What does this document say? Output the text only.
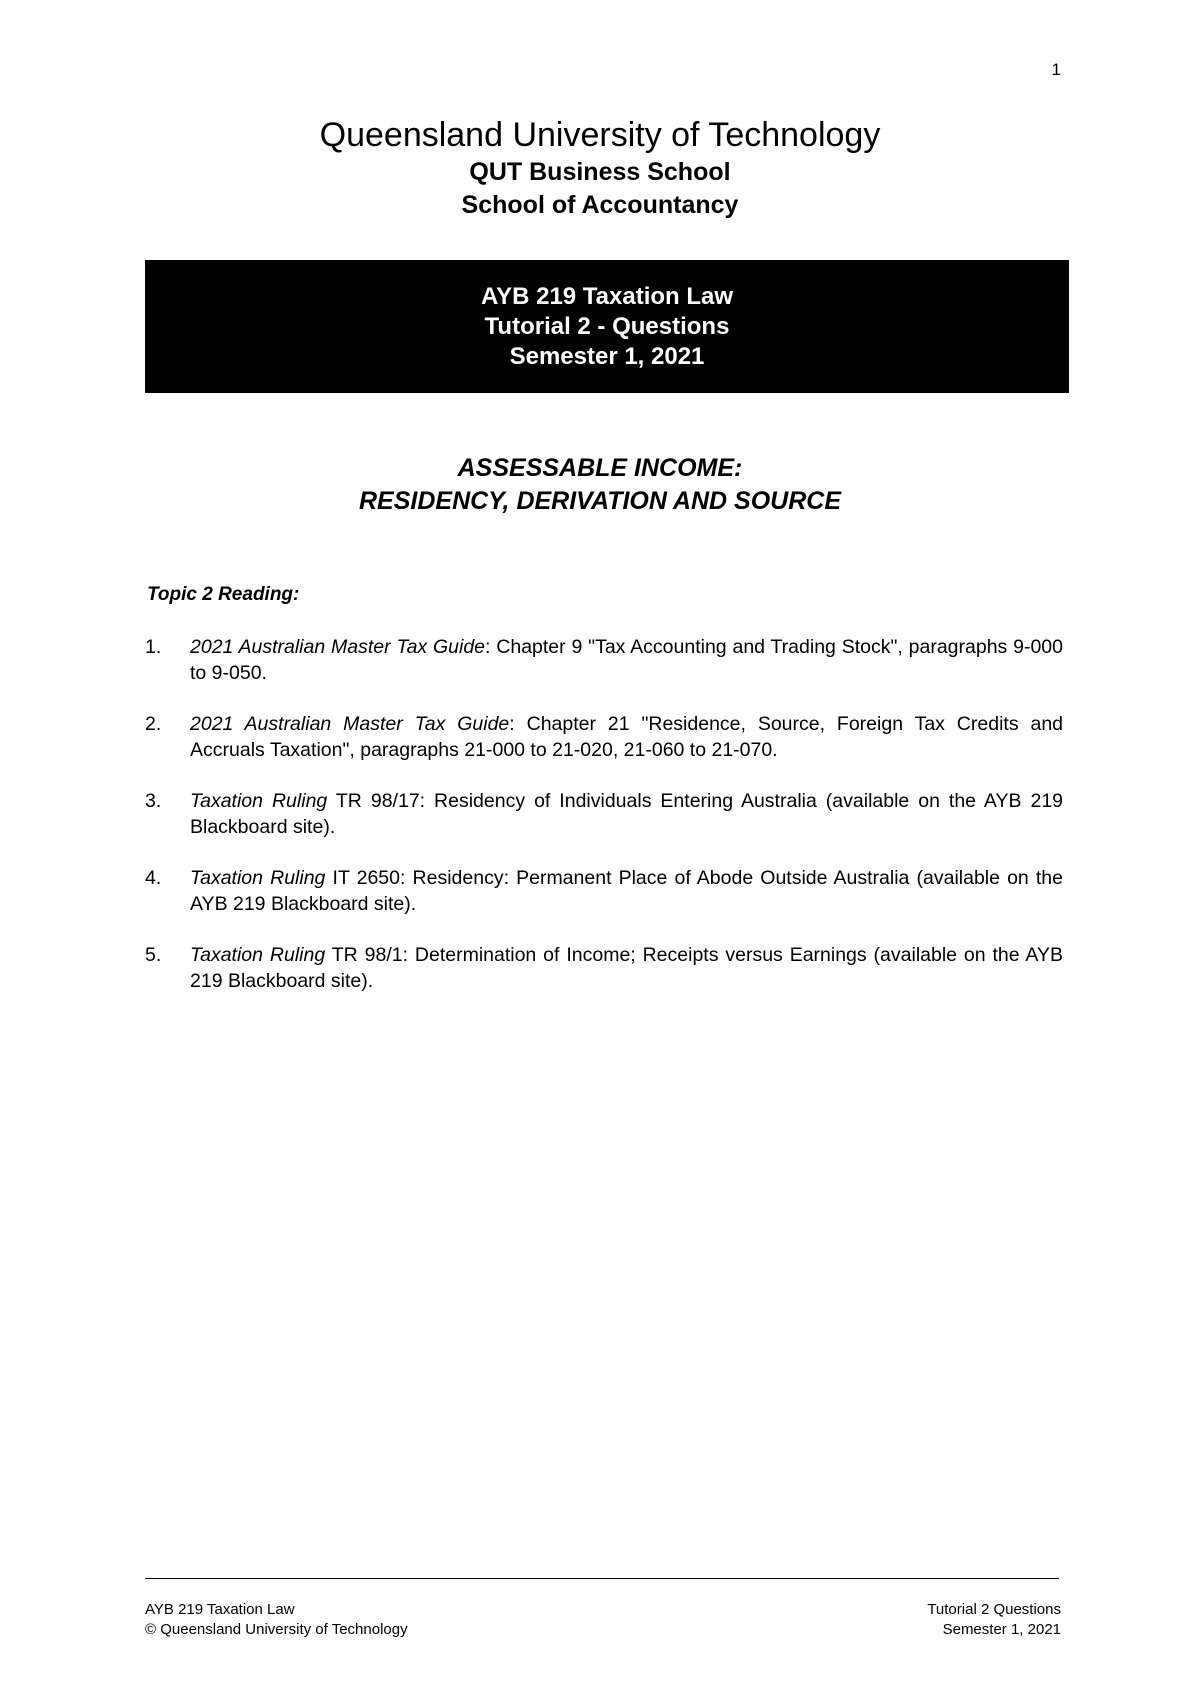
1
Queensland University of Technology
QUT Business School
School of Accountancy
AYB 219 Taxation Law
Tutorial 2 - Questions
Semester 1, 2021
ASSESSABLE INCOME:
RESIDENCY, DERIVATION AND SOURCE
Topic 2 Reading:
1.	2021 Australian Master Tax Guide: Chapter 9 "Tax Accounting and Trading Stock", paragraphs 9-000 to 9-050.
2.	2021 Australian Master Tax Guide: Chapter 21 "Residence, Source, Foreign Tax Credits and Accruals Taxation", paragraphs 21-000 to 21-020, 21-060 to 21-070.
3.	Taxation Ruling TR 98/17: Residency of Individuals Entering Australia (available on the AYB 219 Blackboard site).
4.	Taxation Ruling IT 2650: Residency: Permanent Place of Abode Outside Australia (available on the AYB 219 Blackboard site).
5.	Taxation Ruling TR 98/1: Determination of Income; Receipts versus Earnings (available on the AYB 219 Blackboard site).
AYB 219 Taxation Law
© Queensland University of Technology
Tutorial 2 Questions
Semester 1, 2021
